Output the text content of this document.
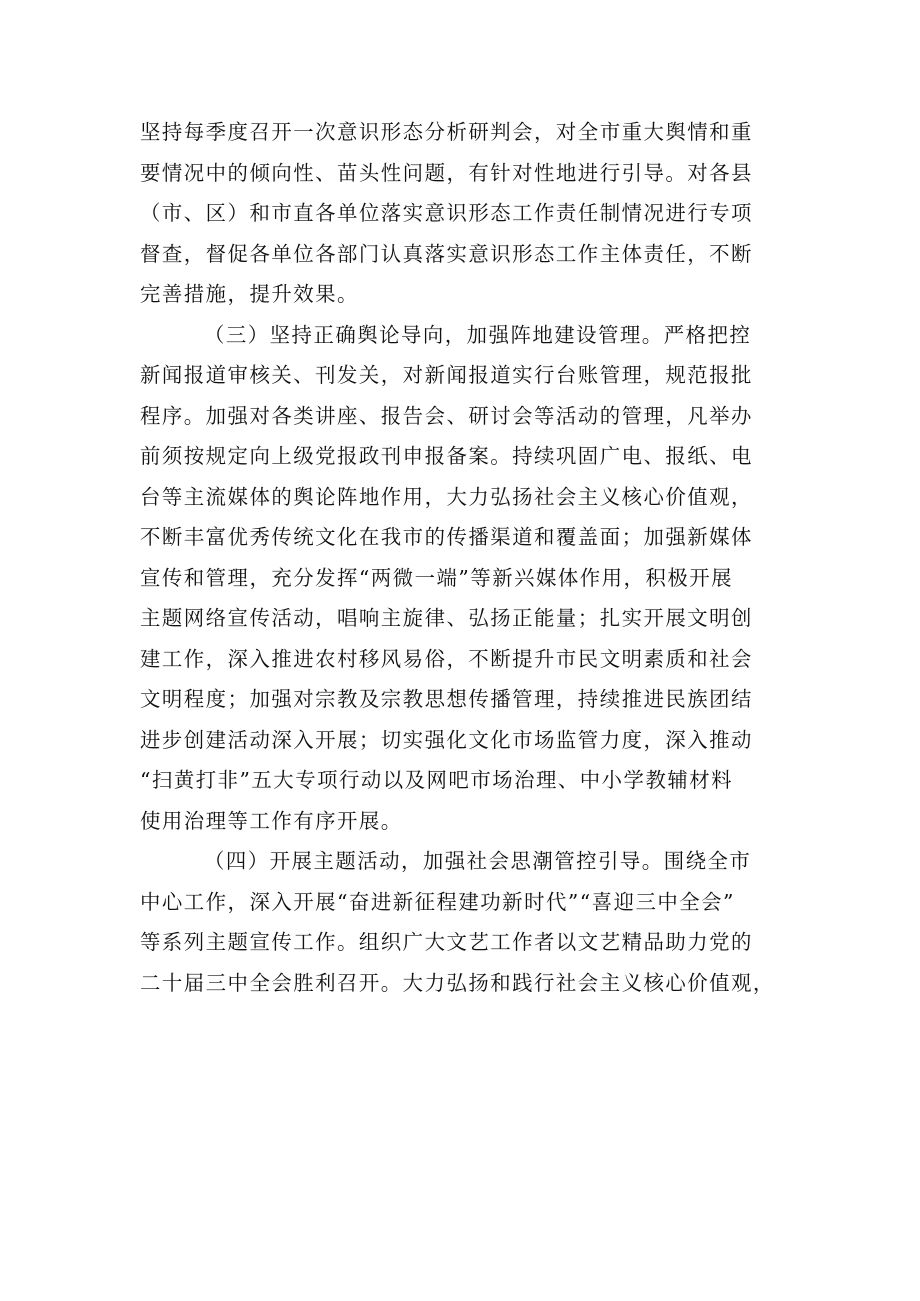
坚持每季度召开一次意识形态分析研判会，对全市重大舆情和重
要情况中的倾向性、苗头性问题，有针对性地进行引导。对各县
（市、区）和市直各单位落实意识形态工作责任制情况进行专项
督查，督促各单位各部门认真落实意识形态工作主体责任，不断
完善措施，提升效果。
（三）坚持正确舆论导向，加强阵地建设管理。严格把控
新闻报道审核关、刊发关，对新闻报道实行台账管理，规范报批
程序。加强对各类讲座、报告会、研讨会等活动的管理，凡举办
前须按规定向上级党报政刊申报备案。持续巩固广电、报纸、电
台等主流媒体的舆论阵地作用，大力弘扬社会主义核心价值观，
不断丰富优秀传统文化在我市的传播渠道和覆盖面；加强新媒体
宣传和管理，充分发挥“两微一端”等新兴媒体作用，积极开展
主题网络宣传活动，唱响主旋律、弘扬正能量；扎实开展文明创
建工作，深入推进农村移风易俗，不断提升市民文明素质和社会
文明程度；加强对宗教及宗教思想传播管理，持续推进民族团结
进步创建活动深入开展；切实强化文化市场监管力度，深入推动
“扫黄打非”五大专项行动以及网吧市场治理、中小学教辅材料
使用治理等工作有序开展。
（四）开展主题活动，加强社会思潮管控引导。围绕全市
中心工作，深入开展“奋进新征程建功新时代”“喜迎三中全会”
等系列主题宣传工作。组织广大文艺工作者以文艺精品助力党的
二十届三中全会胜利召开。大力弘扬和践行社会主义核心价值观，
